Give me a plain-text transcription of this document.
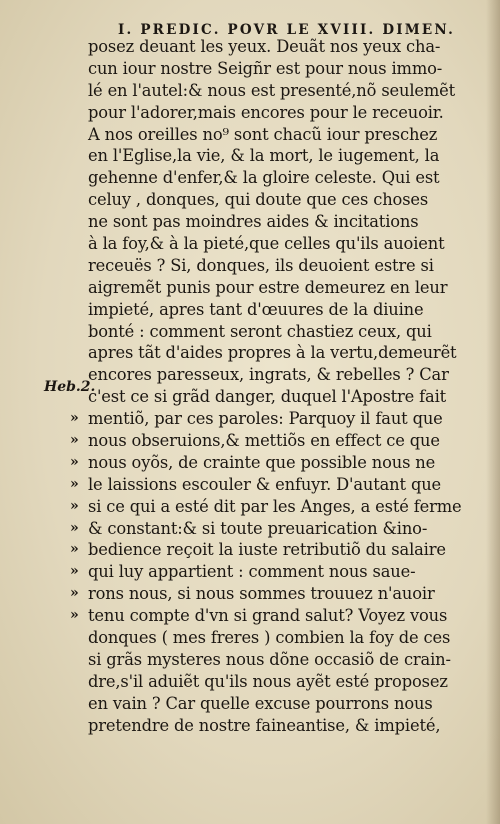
I. PREDIC. POVR LE XVIII. DIMEN.
Heb.2.
posez deuant les yeux. Deuãt nos yeux cha-
cun iour nostre Seigñr est pour nous immo-
lé en l'autel:& nous est presenté,nõ seulemẽt
pour l'adorer,mais encores pour le receuoir.
A nos oreilles no⁹ sont chacũ iour preschez
en l'Eglise,la vie, & la mort, le iugement, la
gehenne d'enfer,& la gloire celeste. Qui est
celuy , donques, qui doute que ces choses
ne sont pas moindres aides & incitations
à la foy,& à la pieté,que celles qu'ils auoient
receuës ? Si, donques, ils deuoient estre si
aigremẽt punis pour estre demeurez en leur
impieté, apres tant d'œuures de la diuine
bonté : comment seront chastiez ceux, qui
apres tãt d'aides propres à la vertu,demeurẽt
encores paresseux, ingrats, & rebelles ? Car
c'est ce si grãd danger, duquel l'Apostre fait
» mentiõ, par ces paroles: Parquoy il faut que
» nous obseruions,& mettiõs en effect ce que
» nous oyõs, de crainte que possible nous ne
» le laissions escouler & enfuyr. D'autant que
» si ce qui a esté dit par les Anges, a esté ferme
» & constant:& si toute preuarication &ino-
» bedience reçoit la iuste retributiõ du salaire
» qui luy appartient : comment nous saue-
» rons nous, si nous sommes trouuez n'auoir
» tenu compte d'vn si grand salut? Voyez vous
donques ( mes freres ) combien la foy de ces
si grãs mysteres nous dõne occasiõ de crain-
dre,s'il aduiẽt qu'ils nous ayẽt esté proposez
en vain ? Car quelle excuse pourrons nous
pretendre de nostre faineantise, & impieté,
